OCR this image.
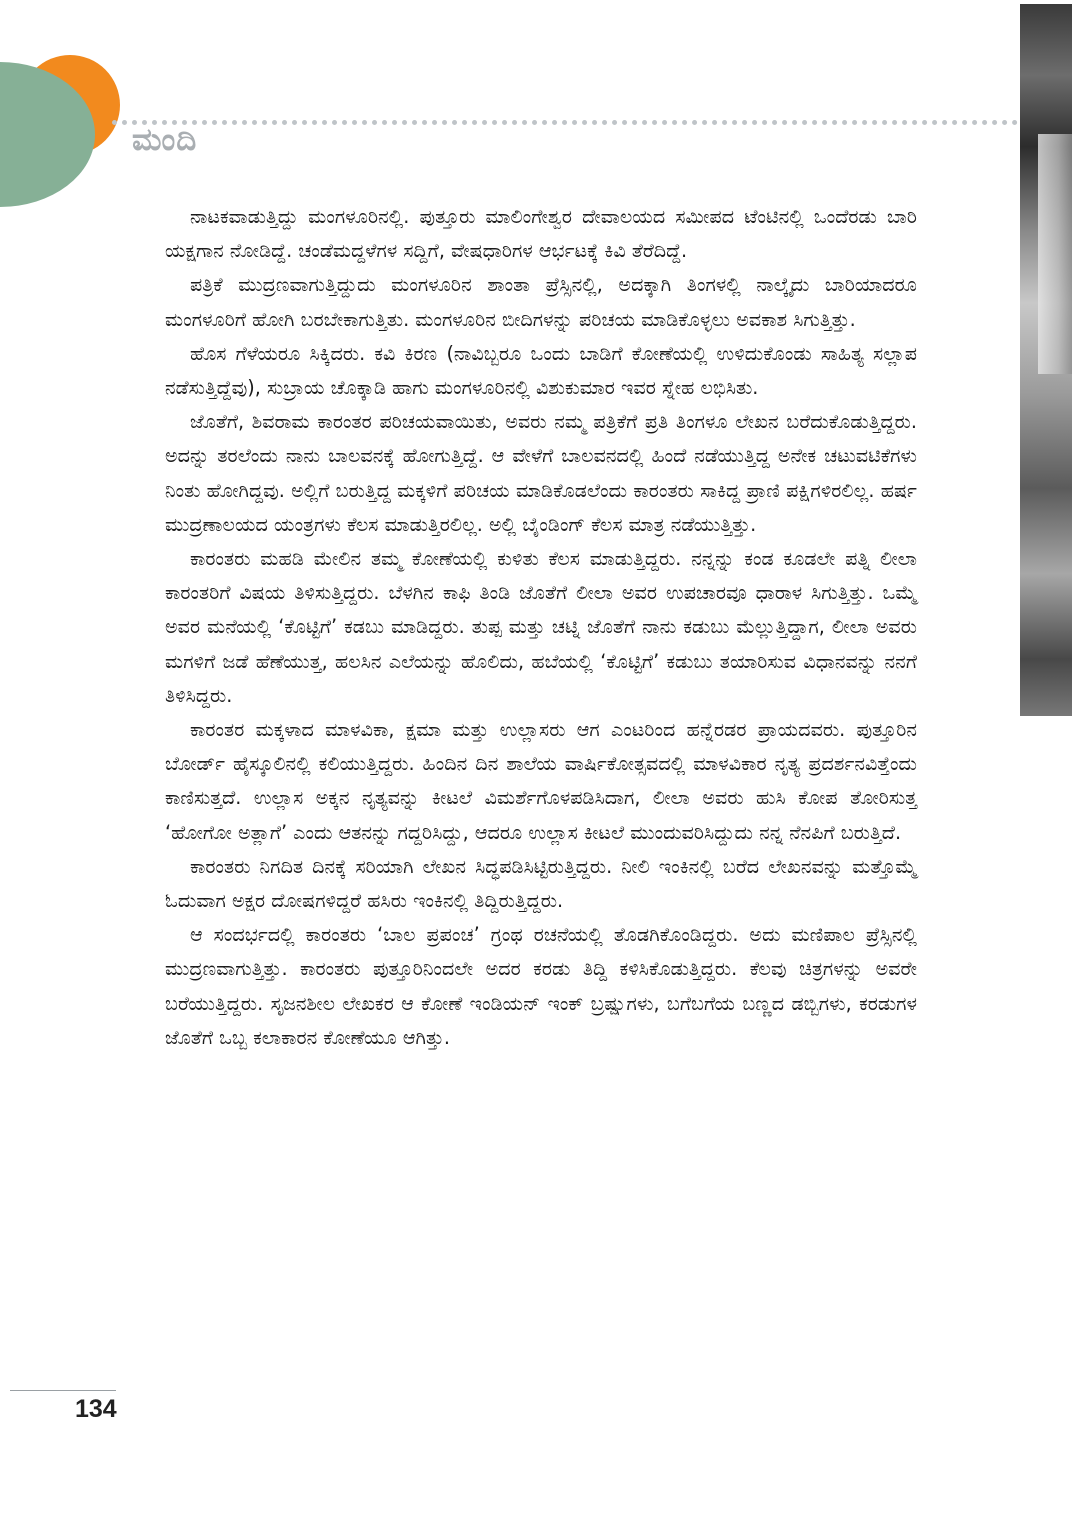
ಮಂದಿ

ನಾಟಕವಾಡುತ್ತಿದ್ದು ಮಂಗಳೂರಿನಲ್ಲಿ. ಪುತ್ತೂರು ಮಾಲಿಂಗೇಶ್ವರ ದೇವಾಲಯದ ಸಮೀಪದ ಟೆಂಟಿನಲ್ಲಿ ಒಂದೆರಡು ಬಾರಿ ಯಕ್ಷಗಾನ ನೋಡಿದ್ದೆ. ಚಂಡೆಮದ್ದಳೆಗಳ ಸದ್ದಿಗೆ, ವೇಷಧಾರಿಗಳ ಆರ್ಭಟಕ್ಕೆ ಕಿವಿ ತೆರೆದಿದ್ದೆ.

ಪತ್ರಿಕೆ ಮುದ್ರಣವಾಗುತ್ತಿದ್ದುದು ಮಂಗಳೂರಿನ ಶಾಂತಾ ಪ್ರೆಸ್ಸಿನಲ್ಲಿ, ಅದಕ್ಕಾಗಿ ತಿಂಗಳಲ್ಲಿ ನಾಲ್ಕೈದು ಬಾರಿಯಾದರೂ ಮಂಗಳೂರಿಗೆ ಹೋಗಿ ಬರಬೇಕಾಗುತ್ತಿತು. ಮಂಗಳೂರಿನ ಬೀದಿಗಳನ್ನು ಪರಿಚಯ ಮಾಡಿಕೊಳ್ಳಲು ಅವಕಾಶ ಸಿಗುತ್ತಿತ್ತು.

ಹೊಸ ಗೆಳೆಯರೂ ಸಿಕ್ಕಿದರು. ಕವಿ ಕಿರಣ (ನಾವಿಬ್ಬರೂ ಒಂದು ಬಾಡಿಗೆ ಕೋಣೆಯಲ್ಲಿ ಉಳಿದುಕೊಂಡು ಸಾಹಿತ್ಯ ಸಲ್ಲಾಪ ನಡೆಸುತ್ತಿದ್ದೆವು), ಸುಬ್ರಾಯ ಚೊಕ್ಕಾಡಿ ಹಾಗು ಮಂಗಳೂರಿನಲ್ಲಿ ವಿಶುಕುಮಾರ ಇವರ ಸ್ನೇಹ ಲಭಿಸಿತು.

ಜೊತೆಗೆ, ಶಿವರಾಮ ಕಾರಂತರ ಪರಿಚಯವಾಯಿತು, ಅವರು ನಮ್ಮ ಪತ್ರಿಕೆಗೆ ಪ್ರತಿ ತಿಂಗಳೂ ಲೇಖನ ಬರೆದುಕೊಡುತ್ತಿದ್ದರು. ಅದನ್ನು ತರಲೆಂದು ನಾನು ಬಾಲವನಕ್ಕೆ ಹೋಗುತ್ತಿದ್ದೆ. ಆ ವೇಳೆಗೆ ಬಾಲವನದಲ್ಲಿ ಹಿಂದೆ ನಡೆಯುತ್ತಿದ್ದ ಅನೇಕ ಚಟುವಟಿಕೆಗಳು ನಿಂತು ಹೋಗಿದ್ದವು. ಅಲ್ಲಿಗೆ ಬರುತ್ತಿದ್ದ ಮಕ್ಕಳಿಗೆ ಪರಿಚಯ ಮಾಡಿಕೊಡಲೆಂದು ಕಾರಂತರು ಸಾಕಿದ್ದ ಪ್ರಾಣಿ ಪಕ್ಷಿಗಳಿರಲಿಲ್ಲ. ಹರ್ಷ ಮುದ್ರಣಾಲಯದ ಯಂತ್ರಗಳು ಕೆಲಸ ಮಾಡುತ್ತಿರಲಿಲ್ಲ. ಅಲ್ಲಿ ಬೈಂಡಿಂಗ್ ಕೆಲಸ ಮಾತ್ರ ನಡೆಯುತ್ತಿತ್ತು.

ಕಾರಂತರು ಮಹಡಿ ಮೇಲಿನ ತಮ್ಮ ಕೋಣೆಯಲ್ಲಿ ಕುಳಿತು ಕೆಲಸ ಮಾಡುತ್ತಿದ್ದರು. ನನ್ನನ್ನು ಕಂಡ ಕೂಡಲೇ ಪತ್ನಿ ಲೀಲಾ ಕಾರಂತರಿಗೆ ವಿಷಯ ತಿಳಿಸುತ್ತಿದ್ದರು. ಬೆಳಗಿನ ಕಾಫಿ ತಿಂಡಿ ಜೊತೆಗೆ ಲೀಲಾ ಅವರ ಉಪಚಾರವೂ ಧಾರಾಳ ಸಿಗುತ್ತಿತ್ತು. ಒಮ್ಮೆ ಅವರ ಮನೆಯಲ್ಲಿ ‘ಕೊಟ್ಟಿಗೆ’ ಕಡಬು ಮಾಡಿದ್ದರು. ತುಪ್ಪ ಮತ್ತು ಚಟ್ನಿ ಜೊತೆಗೆ ನಾನು ಕಡುಬು ಮೆಲ್ಲುತ್ತಿದ್ದಾಗ, ಲೀಲಾ ಅವರು ಮಗಳಿಗೆ ಜಡೆ ಹೆಣೆಯುತ್ತ, ಹಲಸಿನ ಎಲೆಯನ್ನು ಹೊಲಿದು, ಹಬೆಯಲ್ಲಿ ‘ಕೊಟ್ಟಿಗೆ’ ಕಡುಬು ತಯಾರಿಸುವ ವಿಧಾನವನ್ನು ನನಗೆ ತಿಳಿಸಿದ್ದರು.

ಕಾರಂತರ ಮಕ್ಕಳಾದ ಮಾಳವಿಕಾ, ಕ್ಷಮಾ ಮತ್ತು ಉಲ್ಲಾಸರು ಆಗ ಎಂಟರಿಂದ ಹನ್ನೆರಡರ ಪ್ರಾಯದವರು. ಪುತ್ತೂರಿನ ಬೋರ್ಡ್ ಹೈಸ್ಕೂಲಿನಲ್ಲಿ ಕಲಿಯುತ್ತಿದ್ದರು. ಹಿಂದಿನ ದಿನ ಶಾಲೆಯ ವಾರ್ಷಿಕೋತ್ಸವದಲ್ಲಿ ಮಾಳವಿಕಾರ ನೃತ್ಯ ಪ್ರದರ್ಶನವಿತ್ತೆಂದು ಕಾಣಿಸುತ್ತದೆ. ಉಲ್ಲಾಸ ಅಕ್ಕನ ನೃತ್ಯವನ್ನು ಕೀಟಲೆ ವಿಮರ್ಶೆಗೊಳಪಡಿಸಿದಾಗ, ಲೀಲಾ ಅವರು ಹುಸಿ ಕೋಪ ತೋರಿಸುತ್ತ ‘ಹೋಗೋ ಅತ್ಲಾಗೆ’ ಎಂದು ಆತನನ್ನು ಗದ್ದರಿಸಿದ್ದು, ಆದರೂ ಉಲ್ಲಾಸ ಕೀಟಲೆ ಮುಂದುವರಿಸಿದ್ದುದು ನನ್ನ ನೆನಪಿಗೆ ಬರುತ್ತಿದೆ.

ಕಾರಂತರು ನಿಗದಿತ ದಿನಕ್ಕೆ ಸರಿಯಾಗಿ ಲೇಖನ ಸಿದ್ಧಪಡಿಸಿಟ್ಟಿರುತ್ತಿದ್ದರು. ನೀಲಿ ಇಂಕಿನಲ್ಲಿ ಬರೆದ ಲೇಖನವನ್ನು ಮತ್ತೊಮ್ಮೆ ಓದುವಾಗ ಅಕ್ಷರ ದೋಷಗಳಿದ್ದರೆ ಹಸಿರು ಇಂಕಿನಲ್ಲಿ ತಿದ್ದಿರುತ್ತಿದ್ದರು.

ಆ ಸಂದರ್ಭದಲ್ಲಿ ಕಾರಂತರು ‘ಬಾಲ ಪ್ರಪಂಚ’ ಗ್ರಂಥ ರಚನೆಯಲ್ಲಿ ತೊಡಗಿಕೊಂಡಿದ್ದರು. ಅದು ಮಣಿಪಾಲ ಪ್ರೆಸ್ಸಿನಲ್ಲಿ ಮುದ್ರಣವಾಗುತ್ತಿತ್ತು. ಕಾರಂತರು ಪುತ್ತೂರಿನಿಂದಲೇ ಅದರ ಕರಡು ತಿದ್ದಿ ಕಳಿಸಿಕೊಡುತ್ತಿದ್ದರು. ಕೆಲವು ಚಿತ್ರಗಳನ್ನು ಅವರೇ ಬರೆಯುತ್ತಿದ್ದರು. ಸೃಜನಶೀಲ ಲೇಖಕರ ಆ ಕೋಣೆ ಇಂಡಿಯನ್ ಇಂಕ್ ಬ್ರಷ್ಷುಗಳು, ಬಗೆಬಗೆಯ ಬಣ್ಣದ ಡಬ್ಬಿಗಳು, ಕರಡುಗಳ ಜೊತೆಗೆ ಒಬ್ಬ ಕಲಾಕಾರನ ಕೋಣೆಯೂ ಆಗಿತ್ತು.

134
